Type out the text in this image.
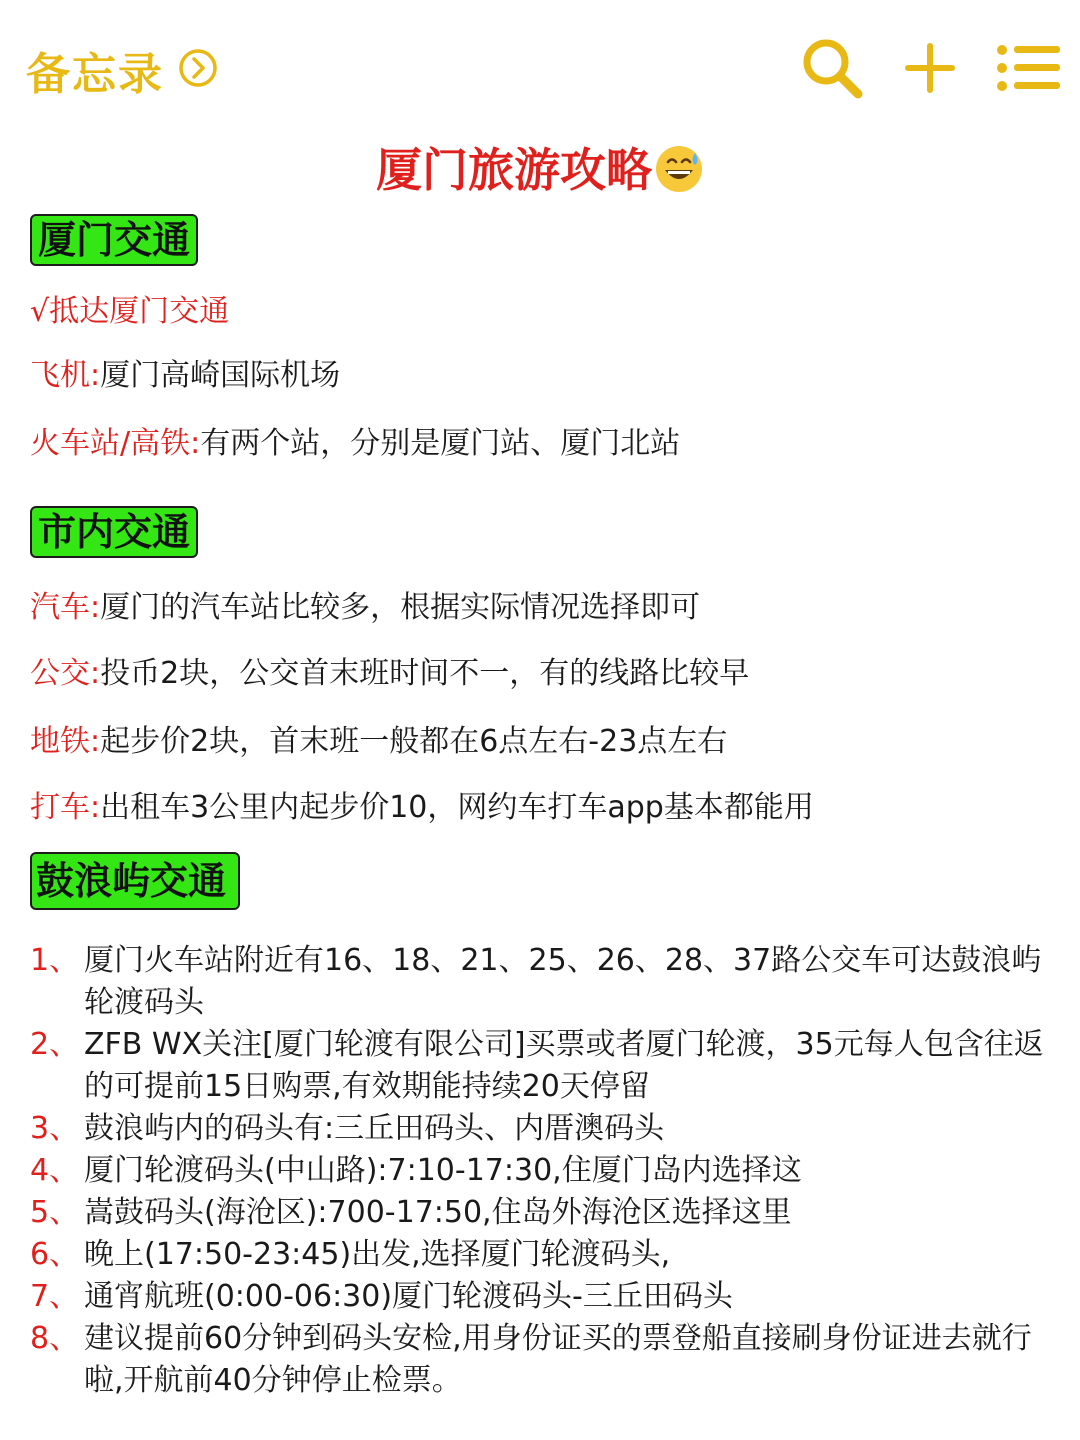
备忘录
厦门旅游攻略
厦门交通
√抵达厦门交通
飞机:厦门高崎国际机场
火车站/高铁:有两个站，分别是厦门站、厦门北站
市内交通
汽车:厦门的汽车站比较多，根据实际情况选择即可
公交:投币2块，公交首末班时间不一，有的线路比较早
地铁:起步价2块，首末班一般都在6点左右-23点左右
打车:出租车3公里内起步价10，网约车打车app基本都能用
鼓浪屿交通
1、 厦门火车站附近有16、18、21、25、26、28、37路公交车可达鼓浪屿轮渡码头
2、 ZFB WX关注[厦门轮渡有限公司]买票或者厦门轮渡，35元每人包含往返的可提前15日购票,有效期能持续20天停留
3、 鼓浪屿内的码头有:三丘田码头、内厝澳码头
4、 厦门轮渡码头(中山路):7:10-17:30,住厦门岛内选择这
5、 嵩鼓码头(海沧区):700-17:50,住岛外海沧区选择这里
6、 晚上(17:50-23:45)出发,选择厦门轮渡码头,
7、 通宵航班(0:00-06:30)厦门轮渡码头-三丘田码头
8、 建议提前60分钟到码头安检,用身份证买的票登船直接刷身份证进去就行啦,开航前40分钟停止检票。
